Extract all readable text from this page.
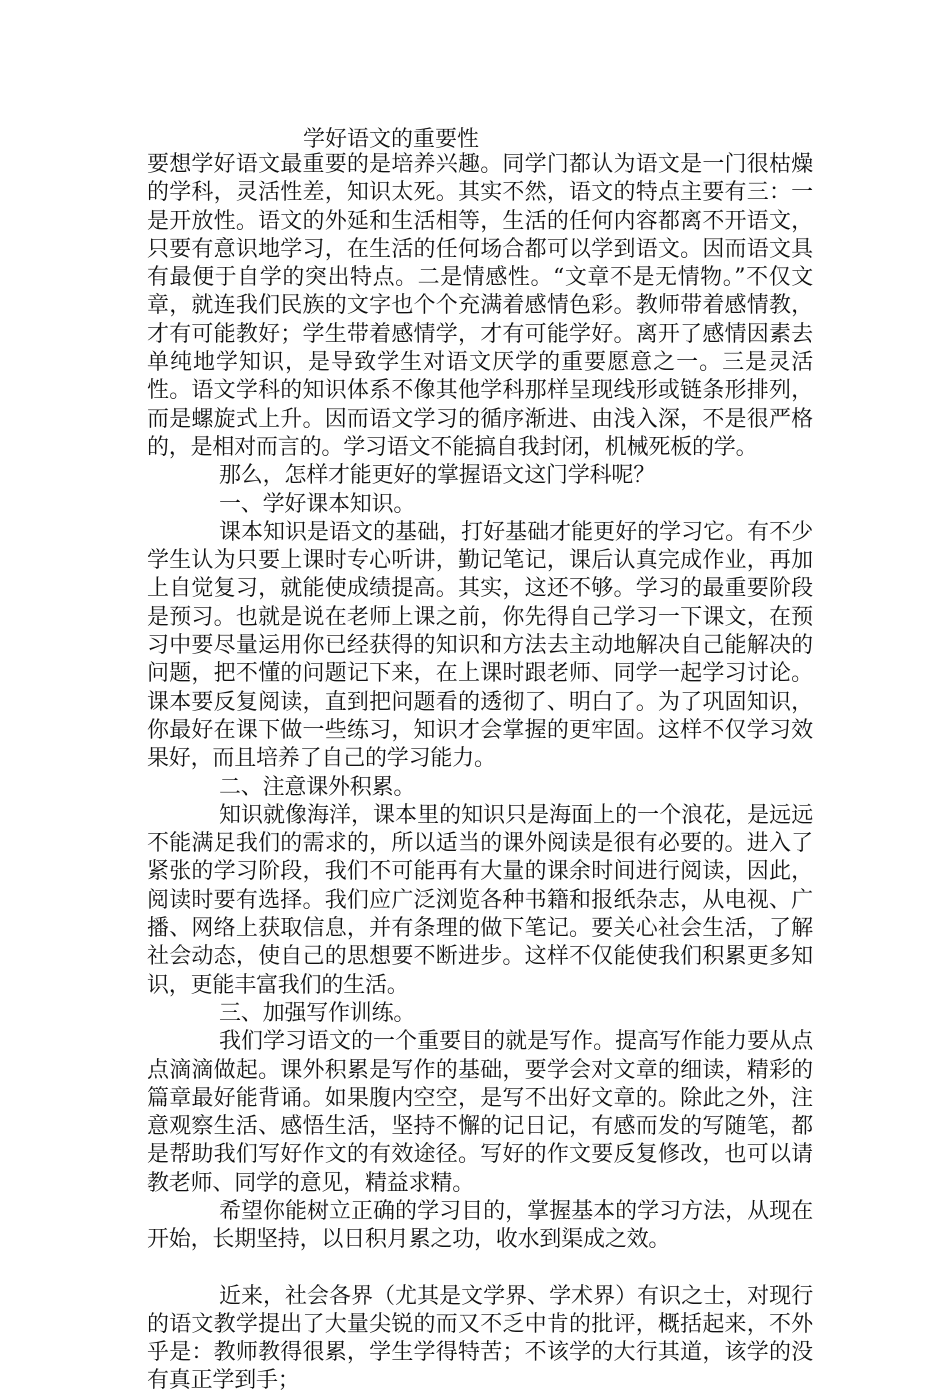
学好语文的重要性

要想学好语文最重要的是培养兴趣。同学门都认为语文是一门很枯燥的学科，灵活性差，知识太死。其实不然，语文的特点主要有三：一是开放性。语文的外延和生活相等，生活的任何内容都离不开语文，只要有意识地学习，在生活的任何场合都可以学到语文。因而语文具有最便于自学的突出特点。二是情感性。“文章不是无情物。”不仅文章，就连我们民族的文字也个个充满着感情色彩。教师带着感情教，才有可能教好；学生带着感情学，才有可能学好。离开了感情因素去单纯地学知识，是导致学生对语文厌学的重要愿意之一。三是灵活性。语文学科的知识体系不像其他学科那样呈现线形或链条形排列，而是螺旋式上升。因而语文学习的循序渐进、由浅入深，不是很严格的，是相对而言的。学习语文不能搞自我封闭，机械死板的学。

那么，怎样才能更好的掌握语文这门学科呢？

一、学好课本知识。

课本知识是语文的基础，打好基础才能更好的学习它。有不少学生认为只要上课时专心听讲，勤记笔记，课后认真完成作业，再加上自觉复习，就能使成绩提高。其实，这还不够。学习的最重要阶段是预习。也就是说在老师上课之前，你先得自己学习一下课文，在预习中要尽量运用你已经获得的知识和方法去主动地解决自己能解决的问题，把不懂的问题记下来，在上课时跟老师、同学一起学习讨论。课本要反复阅读，直到把问题看的透彻了、明白了。为了巩固知识，你最好在课下做一些练习，知识才会掌握的更牢固。这样不仅学习效果好，而且培养了自己的学习能力。

二、注意课外积累。

知识就像海洋，课本里的知识只是海面上的一个浪花，是远远不能满足我们的需求的，所以适当的课外阅读是很有必要的。进入了紧张的学习阶段，我们不可能再有大量的课余时间进行阅读，因此，阅读时要有选择。我们应广泛浏览各种书籍和报纸杂志，从电视、广播、网络上获取信息，并有条理的做下笔记。要关心社会生活，了解社会动态，使自己的思想要不断进步。这样不仅能使我们积累更多知识，更能丰富我们的生活。

三、加强写作训练。

我们学习语文的一个重要目的就是写作。提高写作能力要从点点滴滴做起。课外积累是写作的基础，要学会对文章的细读，精彩的篇章最好能背诵。如果腹内空空，是写不出好文章的。除此之外，注意观察生活、感悟生活，坚持不懈的记日记，有感而发的写随笔，都是帮助我们写好作文的有效途径。写好的作文要反复修改，也可以请教老师、同学的意见，精益求精。

希望你能树立正确的学习目的，掌握基本的学习方法，从现在开始，长期坚持，以日积月累之功，收水到渠成之效。

近来，社会各界（尤其是文学界、学术界）有识之士，对现行的语文教学提出了大量尖锐的而又不乏中肯的批评，概括起来，不外乎是：教师教得很累，学生学得特苦；不该学的大行其道，该学的没有真正学到手；
